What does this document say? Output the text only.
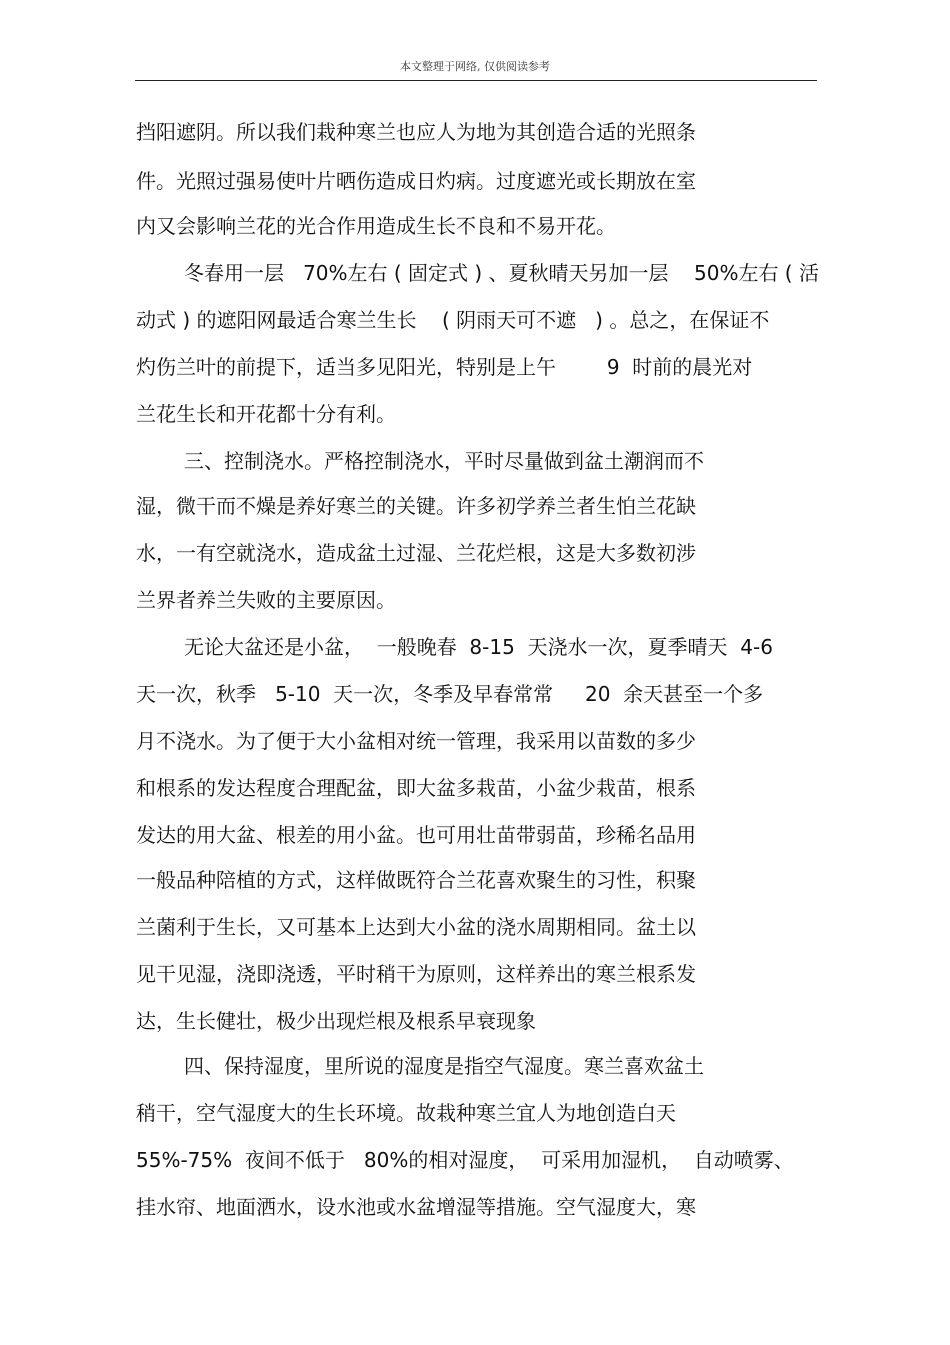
本文整理于网络, 仅供阅读参考
挡阳遮阴。所以我们栽种寒兰也应人为地为其创造合适的光照条
件。光照过强易使叶片晒伤造成日灼病。过度遮光或长期放在室
内又会影响兰花的光合作用造成生长不良和不易开花。
冬春用一层   70%左右 ( 固定式 ) 、夏秋晴天另加一层    50%左右 ( 活
动式 ) 的遮阳网最适合寒兰生长    ( 阴雨天可不遮   ) 。总之，在保证不
灼伤兰叶的前提下，适当多见阳光，特别是上午        9  时前的晨光对
兰花生长和开花都十分有利。
三、控制浇水。严格控制浇水，平时尽量做到盆土潮润而不
湿，微干而不燥是养好寒兰的关键。许多初学养兰者生怕兰花缺
水，一有空就浇水，造成盆土过湿、兰花烂根，这是大多数初涉
兰界者养兰失败的主要原因。
无论大盆还是小盆，  一般晚春  8-15  天浇水一次，夏季晴天  4-6
天一次，秋季   5-10  天一次，冬季及早春常常     20  余天甚至一个多
月不浇水。为了便于大小盆相对统一管理，我采用以苗数的多少
和根系的发达程度合理配盆，即大盆多栽苗，小盆少栽苗，根系
发达的用大盆、根差的用小盆。也可用壮苗带弱苗，珍稀名品用
一般品种陪植的方式，这样做既符合兰花喜欢聚生的习性，积聚
兰菌利于生长，又可基本上达到大小盆的浇水周期相同。盆土以
见干见湿，浇即浇透，平时稍干为原则，这样养出的寒兰根系发
达，生长健壮，极少出现烂根及根系早衰现象
四、保持湿度，里所说的湿度是指空气湿度。寒兰喜欢盆土
稍干，空气湿度大的生长环境。故栽种寒兰宜人为地创造白天
55%-75%  夜间不低于   80%的相对湿度，  可采用加湿机，  自动喷雾、
挂水帘、地面洒水，设水池或水盆增湿等措施。空气湿度大，寒
